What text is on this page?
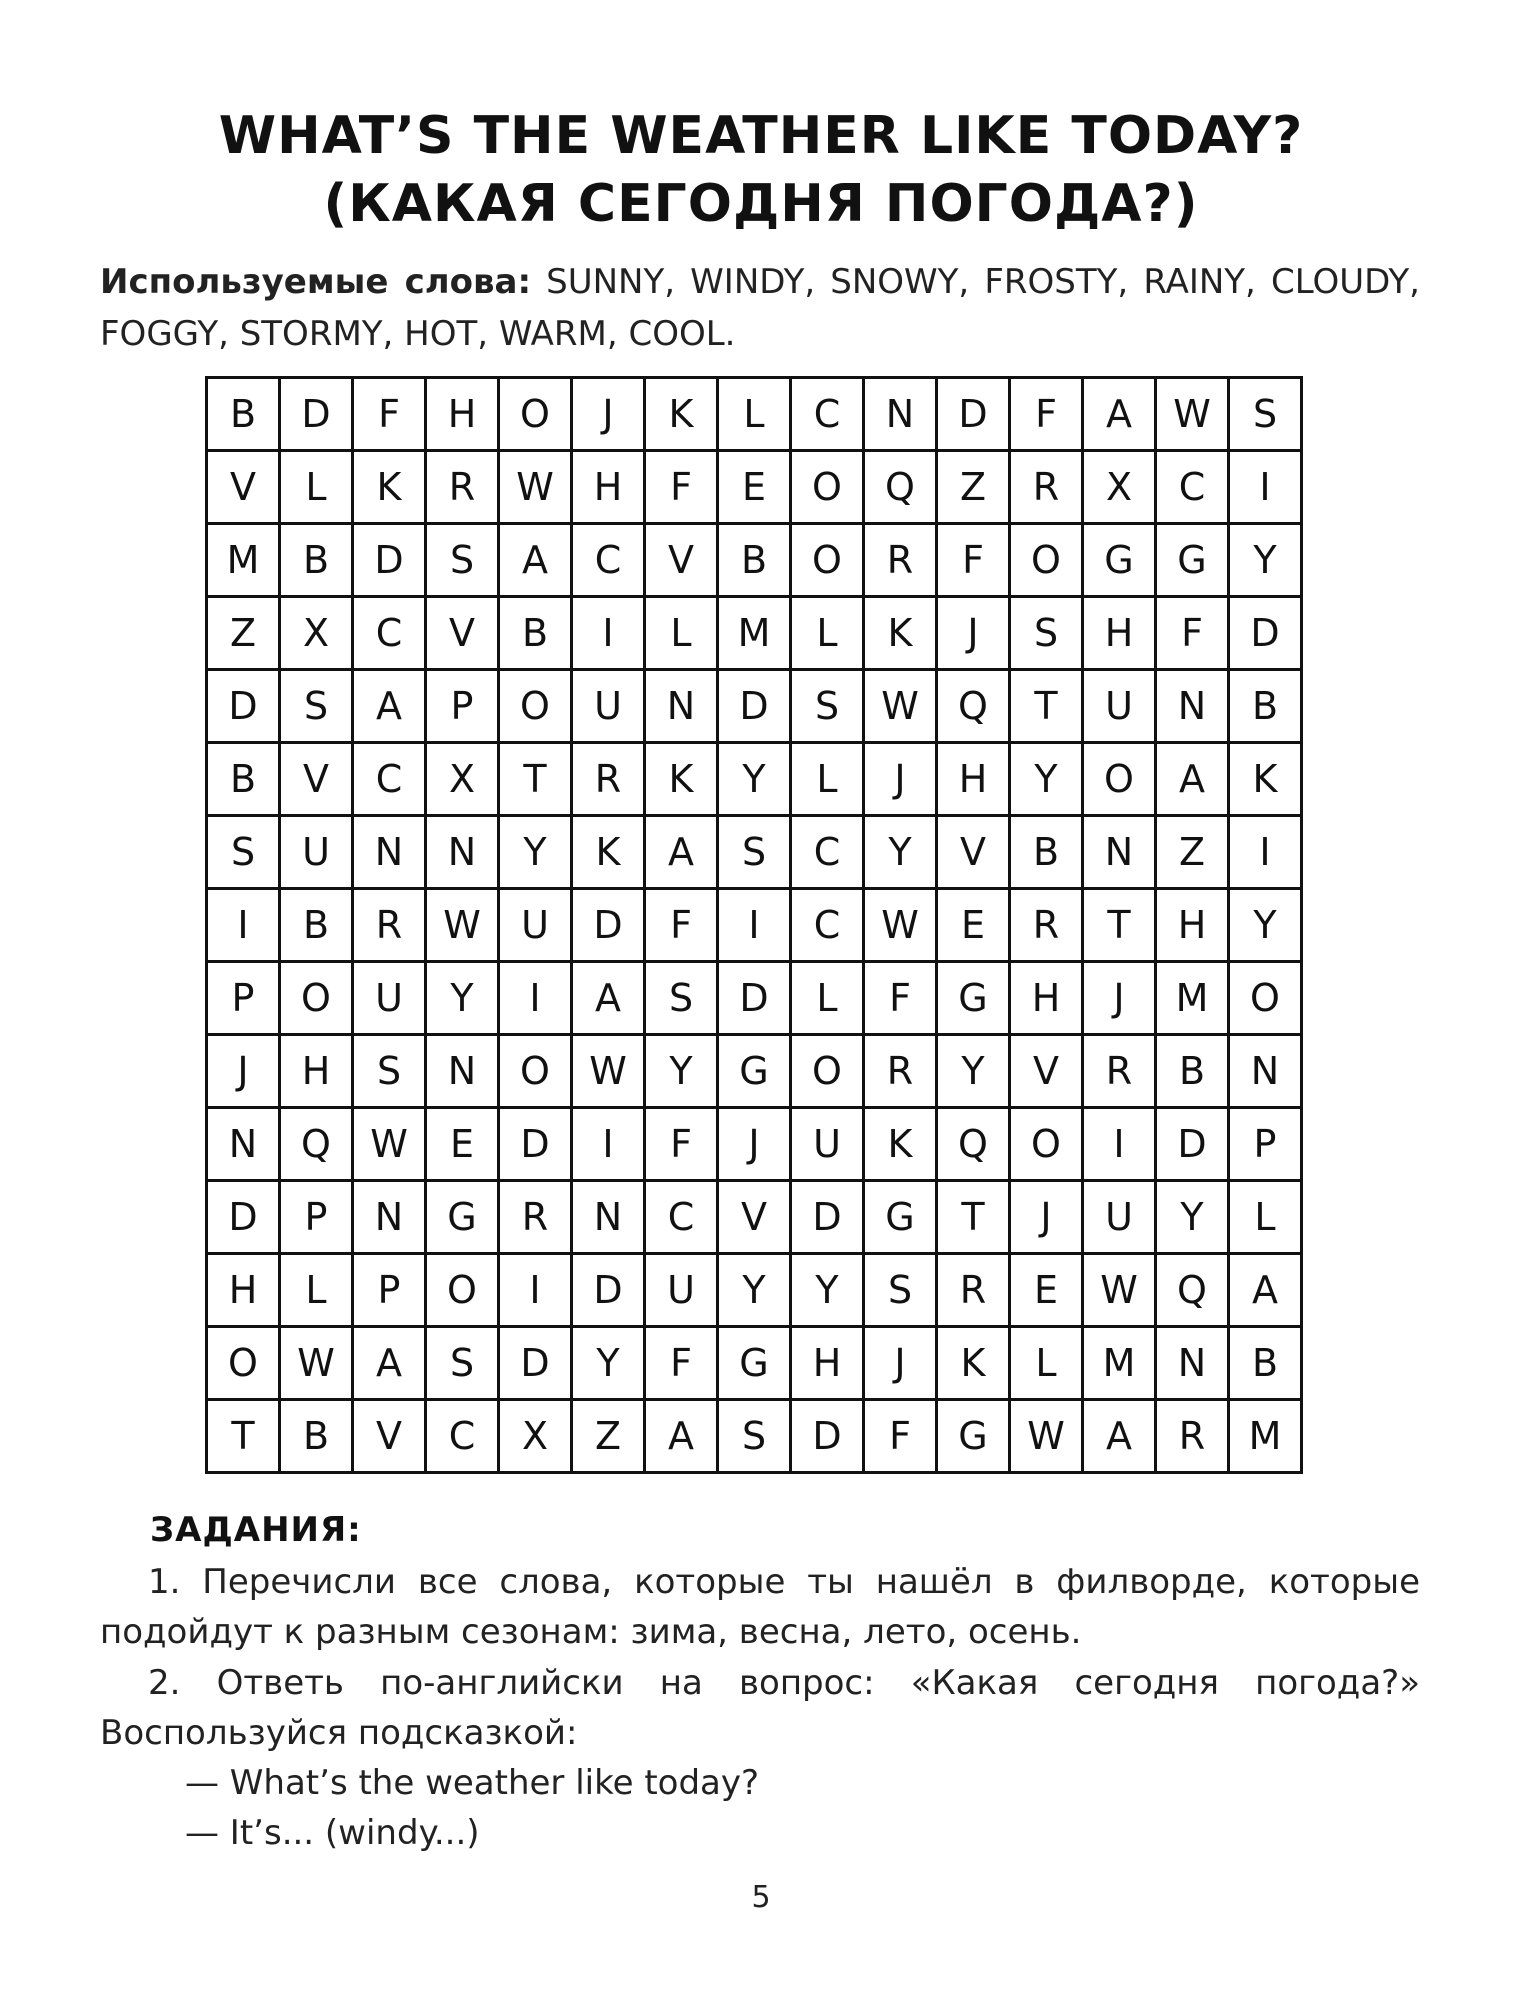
WHAT’S THE WEATHER LIKE TODAY?
(КАКАЯ СЕГОДНЯ ПОГОДА?)
Используемые слова: SUNNY, WINDY, SNOWY, FROSTY, RAINY, CLOUDY, FOGGY, STORMY, HOT, WARM, COOL.
B	D	F	H	O	J	K	L	C	N	D	F	A	W	S
V	L	K	R	W	H	F	E	O	Q	Z	R	X	C	I
M	B	D	S	A	C	V	B	O	R	F	O	G	G	Y
Z	X	C	V	B	I	L	M	L	K	J	S	H	F	D
D	S	A	P	O	U	N	D	S	W	Q	T	U	N	B
B	V	C	X	T	R	K	Y	L	J	H	Y	O	A	K
S	U	N	N	Y	K	A	S	C	Y	V	B	N	Z	I
I	B	R	W	U	D	F	I	C	W	E	R	T	H	Y
P	O	U	Y	I	A	S	D	L	F	G	H	J	M	O
J	H	S	N	O	W	Y	G	O	R	Y	V	R	B	N
N	Q	W	E	D	I	F	J	U	K	Q	O	I	D	P
D	P	N	G	R	N	C	V	D	G	T	J	U	Y	L
H	L	P	O	I	D	U	Y	Y	S	R	E	W	Q	A
O	W	A	S	D	Y	F	G	H	J	K	L	M	N	B
T	B	V	C	X	Z	A	S	D	F	G	W	A	R	M
ЗАДАНИЯ:
1. Перечисли все слова, которые ты нашёл в филворде, которые подойдут к разным сезонам: зима, весна, лето, осень.
2. Ответь по-английски на вопрос: «Какая сегодня погода?» Воспользуйся подсказкой:
— What’s the weather like today?
— It’s... (windy...)
5
